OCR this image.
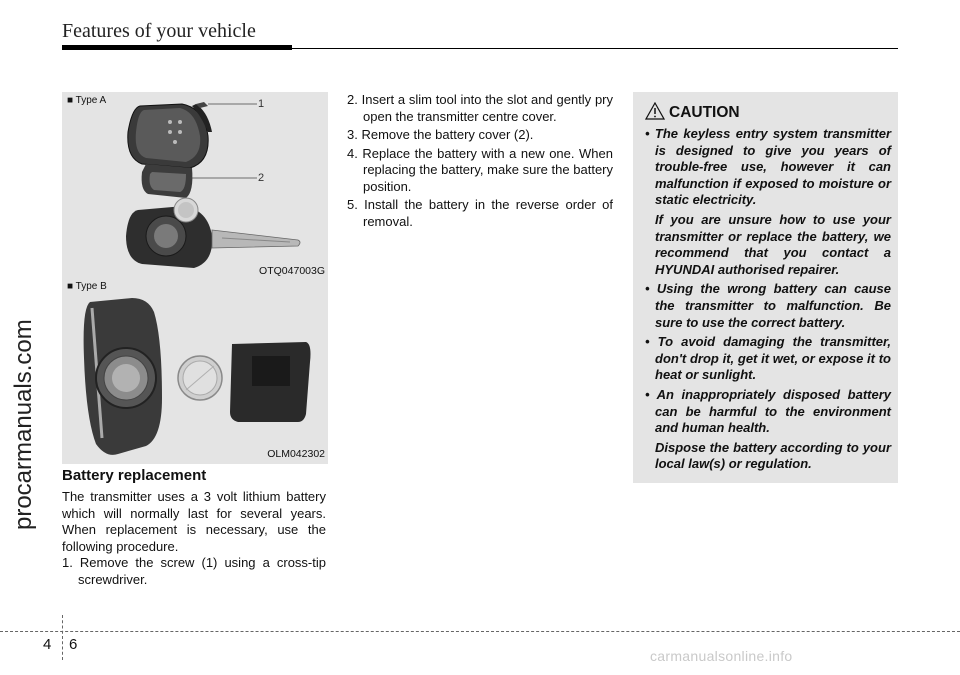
Features of your vehicle
procarmanuals.com
■ Type A	1
2
OTQ047003G
■ Type B
OLM042302
Battery replacement
The transmitter uses a 3 volt lithium battery which will normally last for several years. When replacement is necessary, use the following procedure.
1. Remove the screw (1) using a cross-tip screwdriver.
2. Insert a slim tool into the slot and gently pry open the transmitter centre cover.
3. Remove the battery cover (2).
4. Replace the battery with a new one. When replacing the battery, make sure the battery position.
5. Install the battery in the reverse order of removal.
CAUTION

• The keyless entry system transmitter is designed to give you years of trouble-free use, however it can malfunction if exposed to moisture or static electricity.

If you are unsure how to use your transmitter or replace the battery, we recommend that you contact a HYUNDAI authorised repairer.

• Using the wrong battery can cause the transmitter to malfunction. Be sure to use the correct battery.

• To avoid damaging the transmitter, don't drop it, get it wet, or expose it to heat or sunlight.

• An inappropriately disposed battery can be harmful to the environment and human health.

Dispose the battery according to your local law(s) or regulation.

4 6
carmanualsonline.info
